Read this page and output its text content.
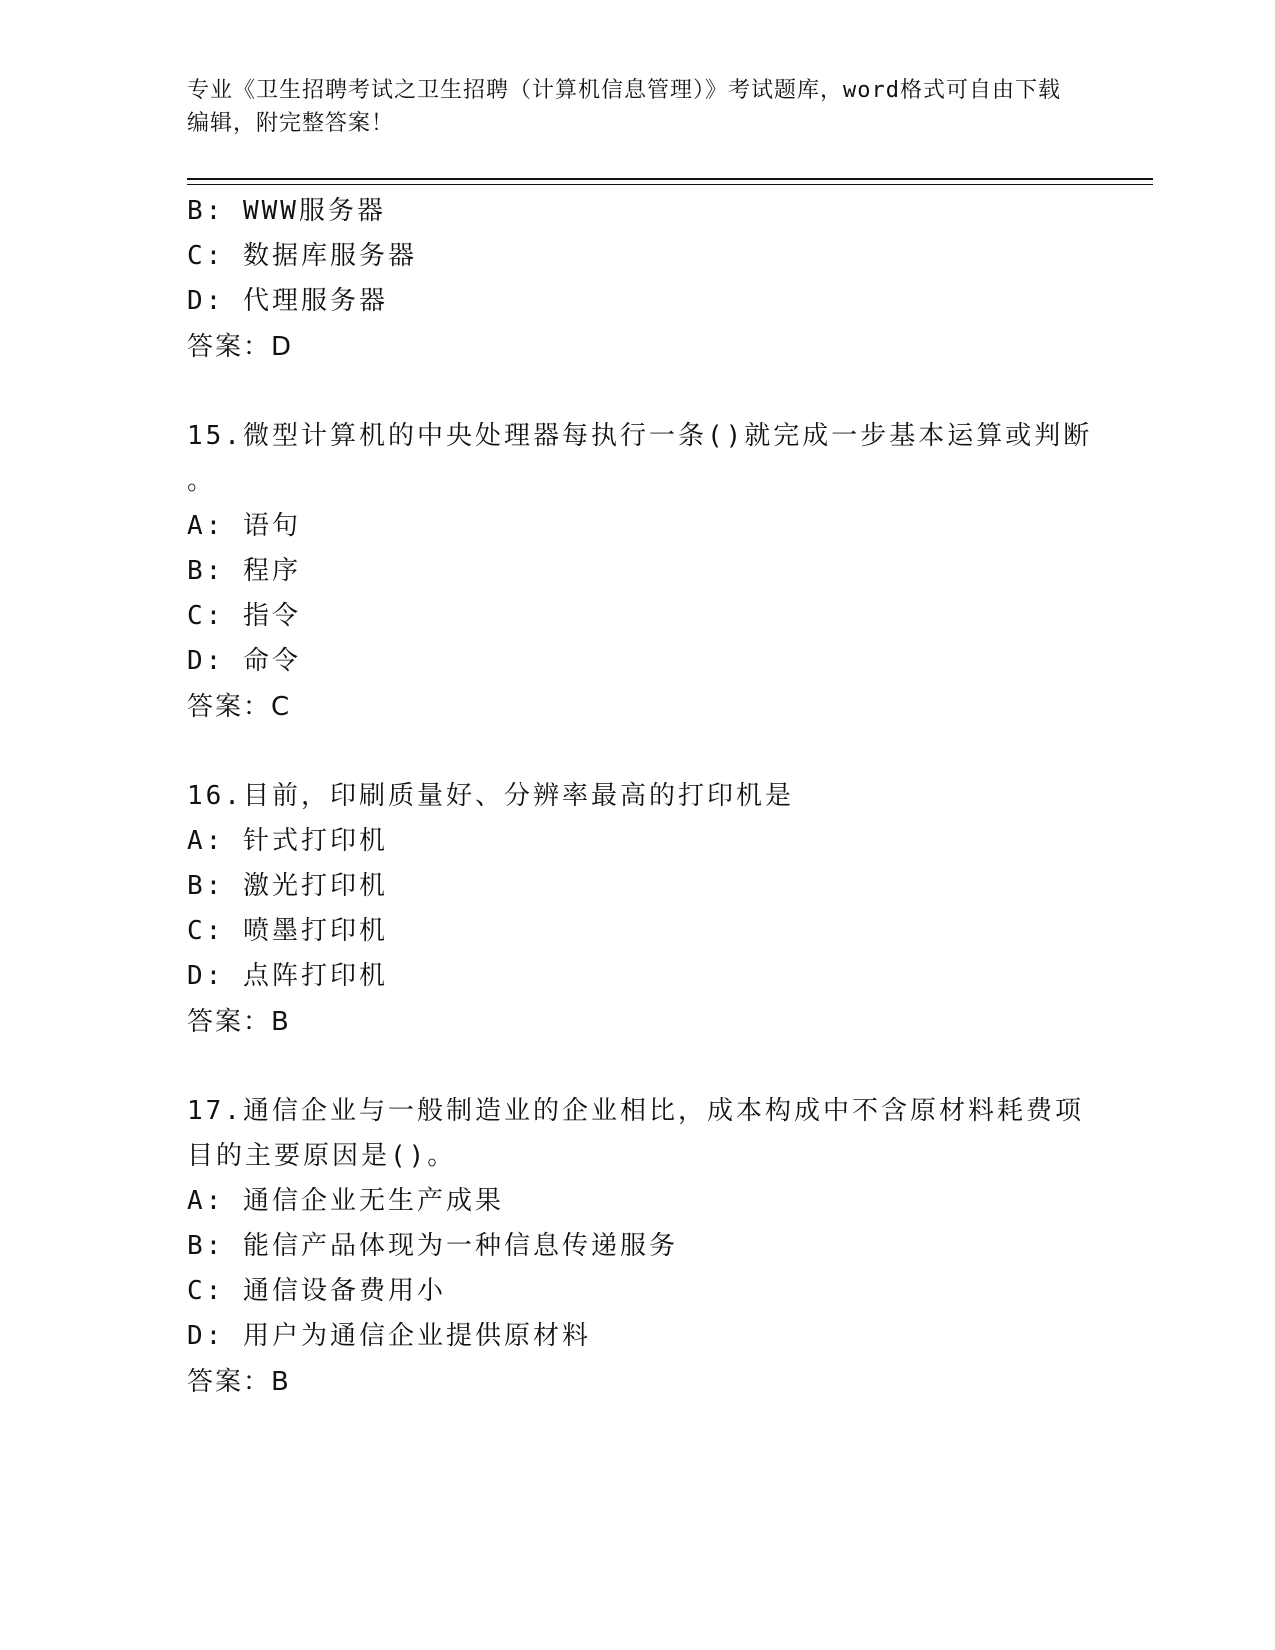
专业《卫生招聘考试之卫生招聘（计算机信息管理）》考试题库，word格式可自由下载编辑，附完整答案！
B: WWW服务器
C: 数据库服务器
D: 代理服务器
答案：D
15.微型计算机的中央处理器每执行一条()就完成一步基本运算或判断
。
A: 语句
B: 程序
C: 指令
D: 命令
答案：C
16.目前，印刷质量好、分辨率最高的打印机是
A: 针式打印机
B: 激光打印机
C: 喷墨打印机
D: 点阵打印机
答案：B
17.通信企业与一般制造业的企业相比，成本构成中不含原材料耗费项
目的主要原因是()。
A: 通信企业无生产成果
B: 能信产品体现为一种信息传递服务
C: 通信设备费用小
D: 用户为通信企业提供原材料
答案：B
